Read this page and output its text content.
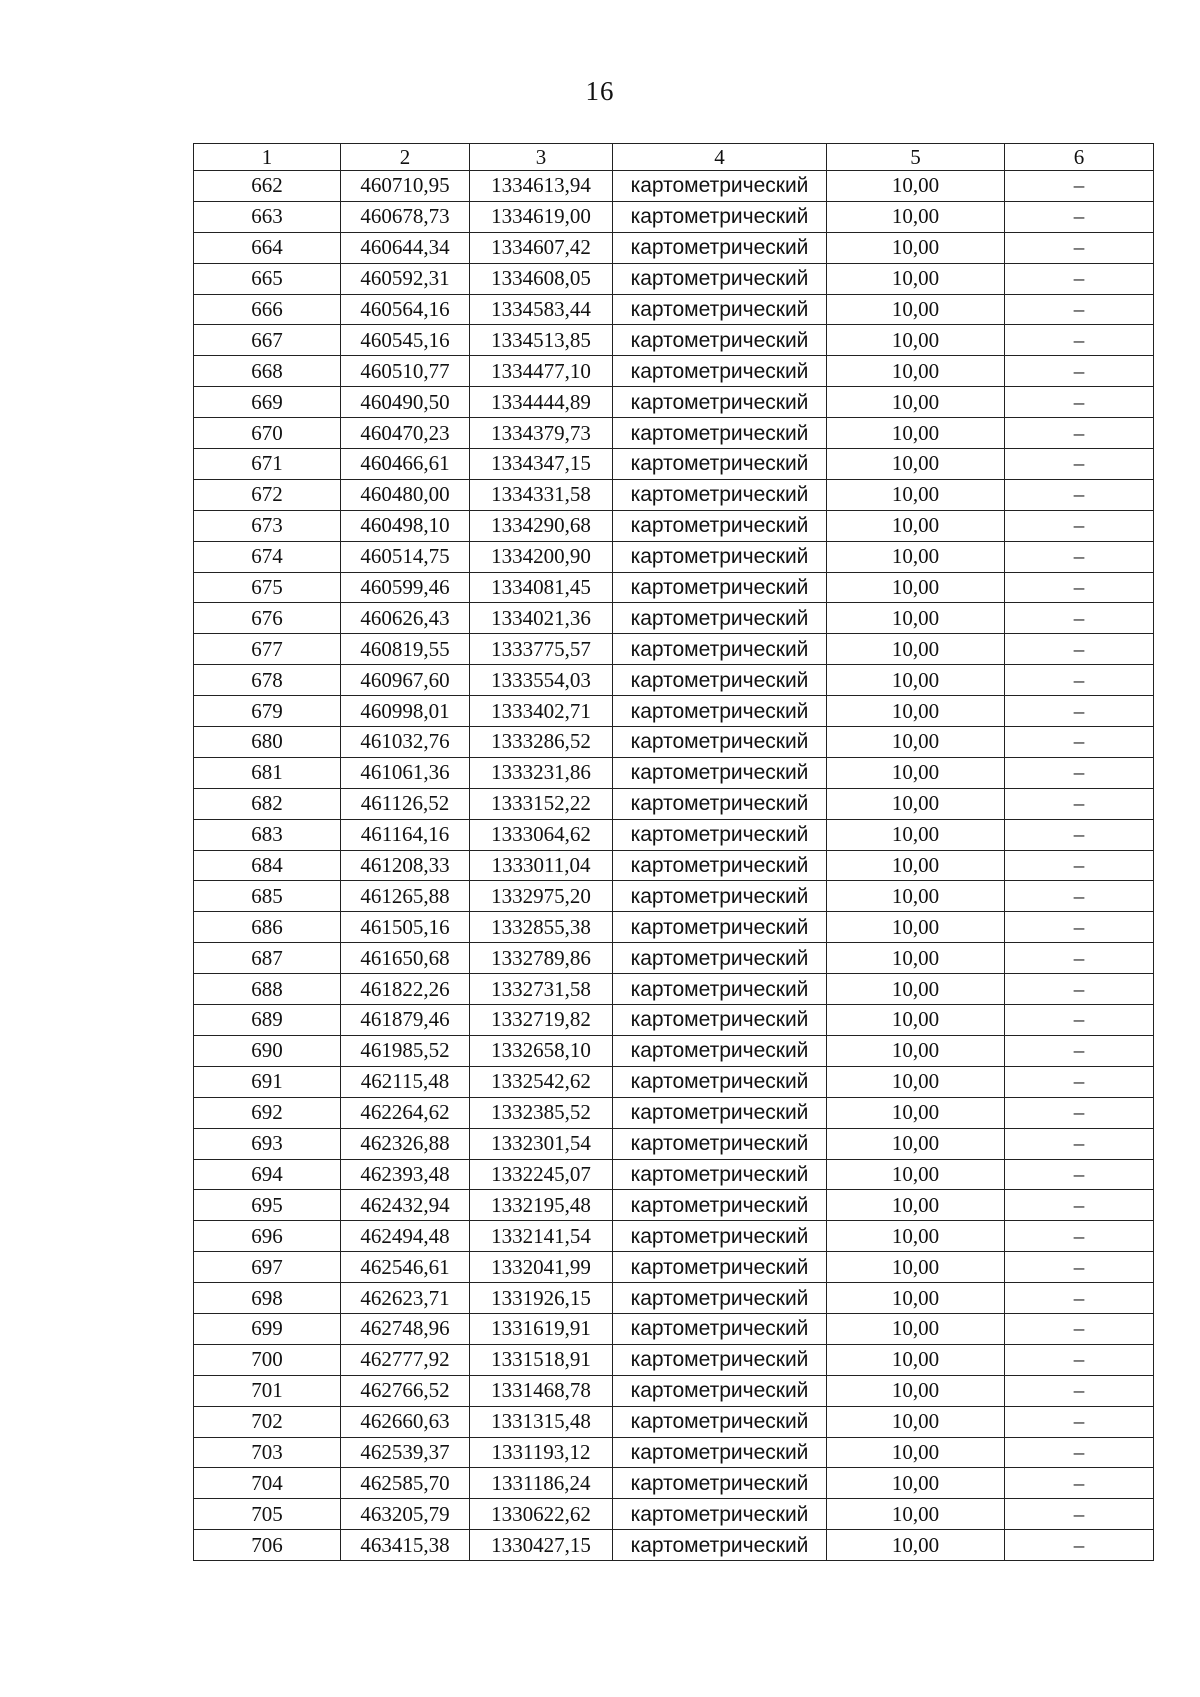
16
1	2	3	4	5	6
662	460710,95	1334613,94	картометрический	10,00	–
663	460678,73	1334619,00	картометрический	10,00	–
664	460644,34	1334607,42	картометрический	10,00	–
665	460592,31	1334608,05	картометрический	10,00	–
666	460564,16	1334583,44	картометрический	10,00	–
667	460545,16	1334513,85	картометрический	10,00	–
668	460510,77	1334477,10	картометрический	10,00	–
669	460490,50	1334444,89	картометрический	10,00	–
670	460470,23	1334379,73	картометрический	10,00	–
671	460466,61	1334347,15	картометрический	10,00	–
672	460480,00	1334331,58	картометрический	10,00	–
673	460498,10	1334290,68	картометрический	10,00	–
674	460514,75	1334200,90	картометрический	10,00	–
675	460599,46	1334081,45	картометрический	10,00	–
676	460626,43	1334021,36	картометрический	10,00	–
677	460819,55	1333775,57	картометрический	10,00	–
678	460967,60	1333554,03	картометрический	10,00	–
679	460998,01	1333402,71	картометрический	10,00	–
680	461032,76	1333286,52	картометрический	10,00	–
681	461061,36	1333231,86	картометрический	10,00	–
682	461126,52	1333152,22	картометрический	10,00	–
683	461164,16	1333064,62	картометрический	10,00	–
684	461208,33	1333011,04	картометрический	10,00	–
685	461265,88	1332975,20	картометрический	10,00	–
686	461505,16	1332855,38	картометрический	10,00	–
687	461650,68	1332789,86	картометрический	10,00	–
688	461822,26	1332731,58	картометрический	10,00	–
689	461879,46	1332719,82	картометрический	10,00	–
690	461985,52	1332658,10	картометрический	10,00	–
691	462115,48	1332542,62	картометрический	10,00	–
692	462264,62	1332385,52	картометрический	10,00	–
693	462326,88	1332301,54	картометрический	10,00	–
694	462393,48	1332245,07	картометрический	10,00	–
695	462432,94	1332195,48	картометрический	10,00	–
696	462494,48	1332141,54	картометрический	10,00	–
697	462546,61	1332041,99	картометрический	10,00	–
698	462623,71	1331926,15	картометрический	10,00	–
699	462748,96	1331619,91	картометрический	10,00	–
700	462777,92	1331518,91	картометрический	10,00	–
701	462766,52	1331468,78	картометрический	10,00	–
702	462660,63	1331315,48	картометрический	10,00	–
703	462539,37	1331193,12	картометрический	10,00	–
704	462585,70	1331186,24	картометрический	10,00	–
705	463205,79	1330622,62	картометрический	10,00	–
706	463415,38	1330427,15	картометрический	10,00	–
